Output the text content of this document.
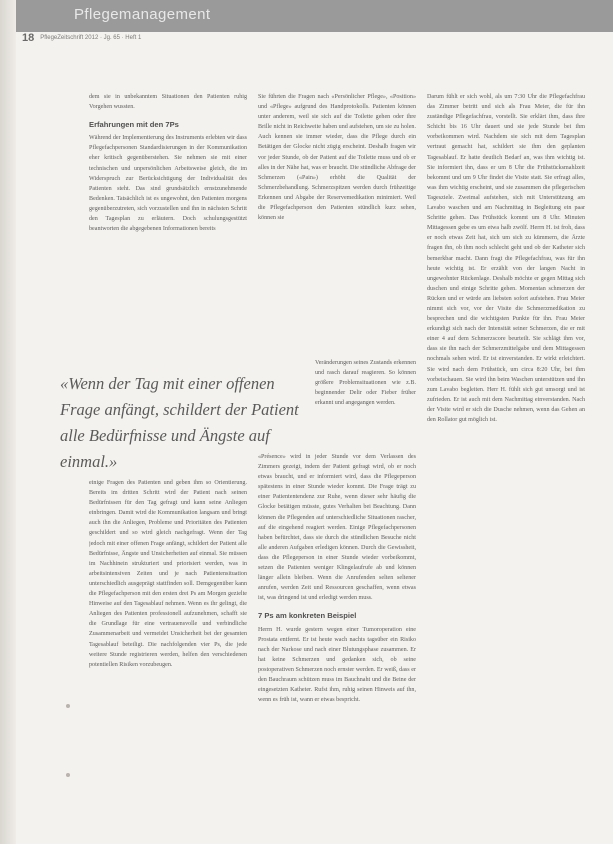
Pflegemanagement
18 PflegeZeitschrift 2012 · Jg. 65 · Heft 1

dem sie in unbekanntem Situationen den Patienten ruhig Vorgehen wussten.

Erfahrungen mit den 7Ps

Während der Implementierung des Instruments erlebten wir dass Pflegefachpersonen Standardisierungen in der Kommunikation eher kritisch gegenüberstehen. Sie nehmen sie mit einer technischen und unpersönlichen Arbeitsweise gleich, die im Widerspruch zur Berücksichtigung der Individualität des Patienten steht. Das sind grundsätzlich ernstzunehmende Bedenken. Tatsächlich ist es ungewohnt, den Patienten morgens gegenüberzutreten, sich vorzustellen und ihn in nächsten Schritt den Tagesplan zu erläutern. Doch schulungsgestützt beantworten die abgegebenen Informationen bereits

«Wenn der Tag mit einer offenen Frage anfängt, schildert der Patient alle Bedürfnisse und Ängste auf einmal.»

einige Fragen des Patienten und geben ihm so Orientierung. Bereits im dritten Schritt wird der Patient nach seinen Bedürfnissen für den Tag gefragt und kann seine Anliegen einbringen. Damit wird die Kommunikation langsam und bringt auch ihn die Anliegen, Probleme und Prioritäten des Patienten geschildert und so wird gleich nachgefragt. Wenn der Tag jedoch mit einer offenen Frage anfängt, schildert der Patient alle Bedürfnisse, Ängste und Unsicherheiten auf einmal. Sie müssen im Nachhinein strukturiert und priorisiert werden, was in arbeitsintensiven Zeiten und je nach Patientensituation unterschiedlich ausgeprägt stattfinden soll. Demgegenüber kann die Pflegefachperson mit den ersten drei Ps am Morgen gezielte Hinweise auf den Tagesablauf nehmen. Wenn es ihr gelingt, die Anliegen des Patienten professionell aufzunehmen, schafft sie die Grundlage für eine vertrauensvolle und verbindliche Zusammenarbeit und vermeidet Unsicherheit bei der gesamten Tagesablauf beteiligt. Die nachfolgenden vier Ps, die jede weitere Stunde registrieren werden, helfen den verschiedenen potentiellen Risiken vorzubeugen.

Sie führten die Fragen nach «Persönlicher Pflege», «Position» und «Pflege» aufgrund des Handprotokolls. Patienten können unter anderem, weil sie sich auf die Toilette gehen oder ihre Brille nicht in Reichweite haben und aufstehen, um sie zu holen. Auch kennen sie immer wieder, dass die Pflege durch ein Betätigen der Glocke nicht zügig erscheint. Deshalb fragen wir vor jeder Stunde, ob der Patient auf die Toilette muss und ob er alles in der Nähe hat, was er braucht. Die stündliche Abfrage der Schmerzen («Pain») erhöht die Qualität der Schmerzbehandlung. Schmerzspitzen werden durch frühzeitige Erkennen und Abgabe der Reservemedikation minimiert. Weil die Pflegefachperson den Patienten stündlich kurz sehen, können sie

Veränderungen seines Zustands erkennen und rasch darauf reagieren. So können größere Problemsituationen wie z.B. beginnender Delir oder Fieber früher erkannt und angegangen werden.

«Présence» wird in jeder Stunde vor dem Verlassen des Zimmers gezeigt, indem der Patient gefragt wird, ob er noch etwas braucht, und er informiert wird, dass die Pflegeperson spätestens in einer Stunde wieder kommt. Die Frage trägt zu einer Patiententendenz zur Ruhe, wenn dieser sehr häufig die Glocke betätigen müsste, gutes Verhalten bei Beachtung. Dann können die Pflegenden auf unterschiedliche Situationen rascher, auf die eingehend reagiert werden. Einige Pflegefachpersonen haben befürchtet, dass sie durch die stündlichen Besuche nicht alle anderen Aufgaben erledigen können. Durch die Gewissheit, dass die Pflegeperson in einer Stunde wieder vorbeikommt, setzen die Patienten weniger Klingelaufrufe ab und können länger allein bleiben. Wenn die Anrufenden selten seltener anrufen, werden Zeit und Ressourcen geschaffen, wenn etwas ist, was dringend ist und erledigt werden muss.

7 Ps am konkreten Beispiel

Herrn H. wurde gestern wegen einer Tumoroperation eine Prostata entfernt. Er ist heute wach nachts tagsüber ein Risiko nach der Narkose und nach einer Blutungsphase zusammen. Er hat keine Schmerzen und gedanken sich, ob seine postoperativen Schmerzen noch ernster werden. Er weiß, dass er den Bauchraum schützen muss im Bauchnaht und die Beine der eingesetzten Katheter. Rufst ihm, ruhig seinen Hinweis auf ihn, wenn es früh ist, wann er etwas bespricht.

Darum fühlt er sich wohl, als um 7:30 Uhr die Pflegefachfrau das Zimmer betritt und sich als Frau Meier, die für ihn zuständige Pflegefachfrau, vorstellt. Sie erklärt ihm, dass ihre Schicht bis 16 Uhr dauert und sie jede Stunde bei ihm vorbeikommen wird. Nachdem sie sich mit dem Tagesplan vertraut gemacht hat, schildert sie ihm den geplanten Tagesablauf. Er hatte deutlich Bedarf an, was ihm wichtig ist. Sie informiert ihn, dass er um 8 Uhr die Frühstücksmahlzeit bekommt und um 9 Uhr findet die Visite statt. Sie erfragt alles, was ihm wichtig erscheint, und sie zusammen die pflegerischen Tagesziele. Zweimal aufstehen, sich mit Unterstützung am Lavabo waschen und am Nachmittag in Begleitung ein paar Schritte gehen. Das Frühstück kommt um 8 Uhr. Minuten Mittagessen gebe es um etwa halb zwölf. Herrn H. ist froh, dass er noch etwas Zeit hat, sich um sich zu kümmern, die Ärzte fragen ihn, ob ihm noch schlecht geht und ob der Katheter sich bemerkbar macht. Dann fragt die Pflegefachfrau, was für ihn heute wichtig ist. Er erzählt von der langen Nacht in ungewohnter Rückenlage. Deshalb möchte er gegen Mittag sich duschen und einige Schritte gehen. Momentan schmerzen der Rücken und er würde am liebsten sofort aufstehen. Frau Meier nimmt sich vor, vor der Visite die Schmerzmedikation zu besprechen und die wichtigsten Punkte für ihn. Frau Meier erkundigt sich nach der Intensität seiner Schmerzen, die er mit einer 4 auf dem Schmerzscore beurteilt. Sie schlägt ihm vor, dass sie ihn nach der Schmerzmittelgabe und dem Mittagessen nochmals sehen wird. Er ist einverstanden. Er wirkt erleichtert. Sie wird nach dem Frühstück, um circa 8:20 Uhr, bei ihm vorbeischauen. Sie wird ihn beim Waschen unterstützen und ihn zum Lavabo begleiten. Herr H. fühlt sich gut umsorgt und ist zufrieden. Er ist auch mit dem Nachmittag einverstanden. Nach der Visite wird er sich die Dusche nehmen, wenn das Gehen an den Rollator gut möglich ist.
